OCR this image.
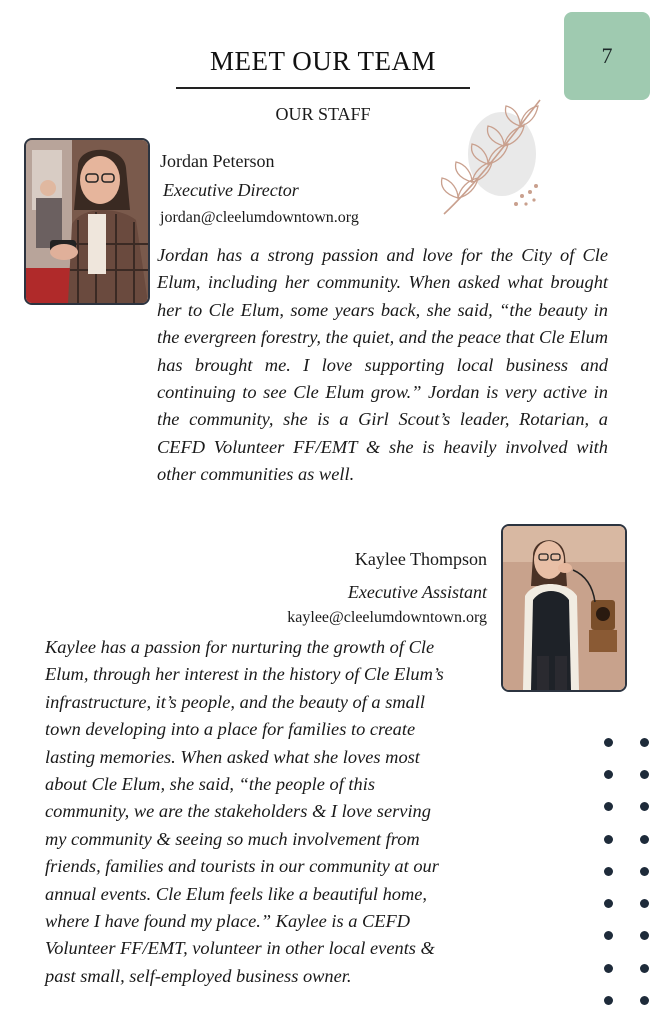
7
MEET OUR TEAM
OUR STAFF
Jordan Peterson
Executive Director
jordan@cleelumdowntown.org
Jordan has a strong passion and love for the City of Cle Elum, including her community. When asked what brought her to Cle Elum, some years back, she said, “the beauty in the evergreen forestry, the quiet, and the peace that Cle Elum has brought me. I love supporting local business and continuing to see Cle Elum grow.” Jordan is very active in the community, she is a Girl Scout’s leader, Rotarian, a CEFD Volunteer FF/EMT & she is heavily involved with other communities as well.
Kaylee Thompson
Executive Assistant
kaylee@cleelumdowntown.org
Kaylee has a passion for nurturing the growth of Cle
Elum, through her interest in the history of Cle Elum’s
infrastructure, it’s people, and the beauty of a small
town developing into a place for families to create
lasting memories. When asked what she loves most
about Cle Elum, she said, “the people of this
community, we are the stakeholders & I love serving
my community & seeing so much involvement from
friends, families and tourists in our community at our
annual events. Cle Elum feels like a beautiful home,
where I have found my place.” Kaylee is a CEFD
Volunteer FF/EMT, volunteer in other local events &
past small, self-employed business owner.
